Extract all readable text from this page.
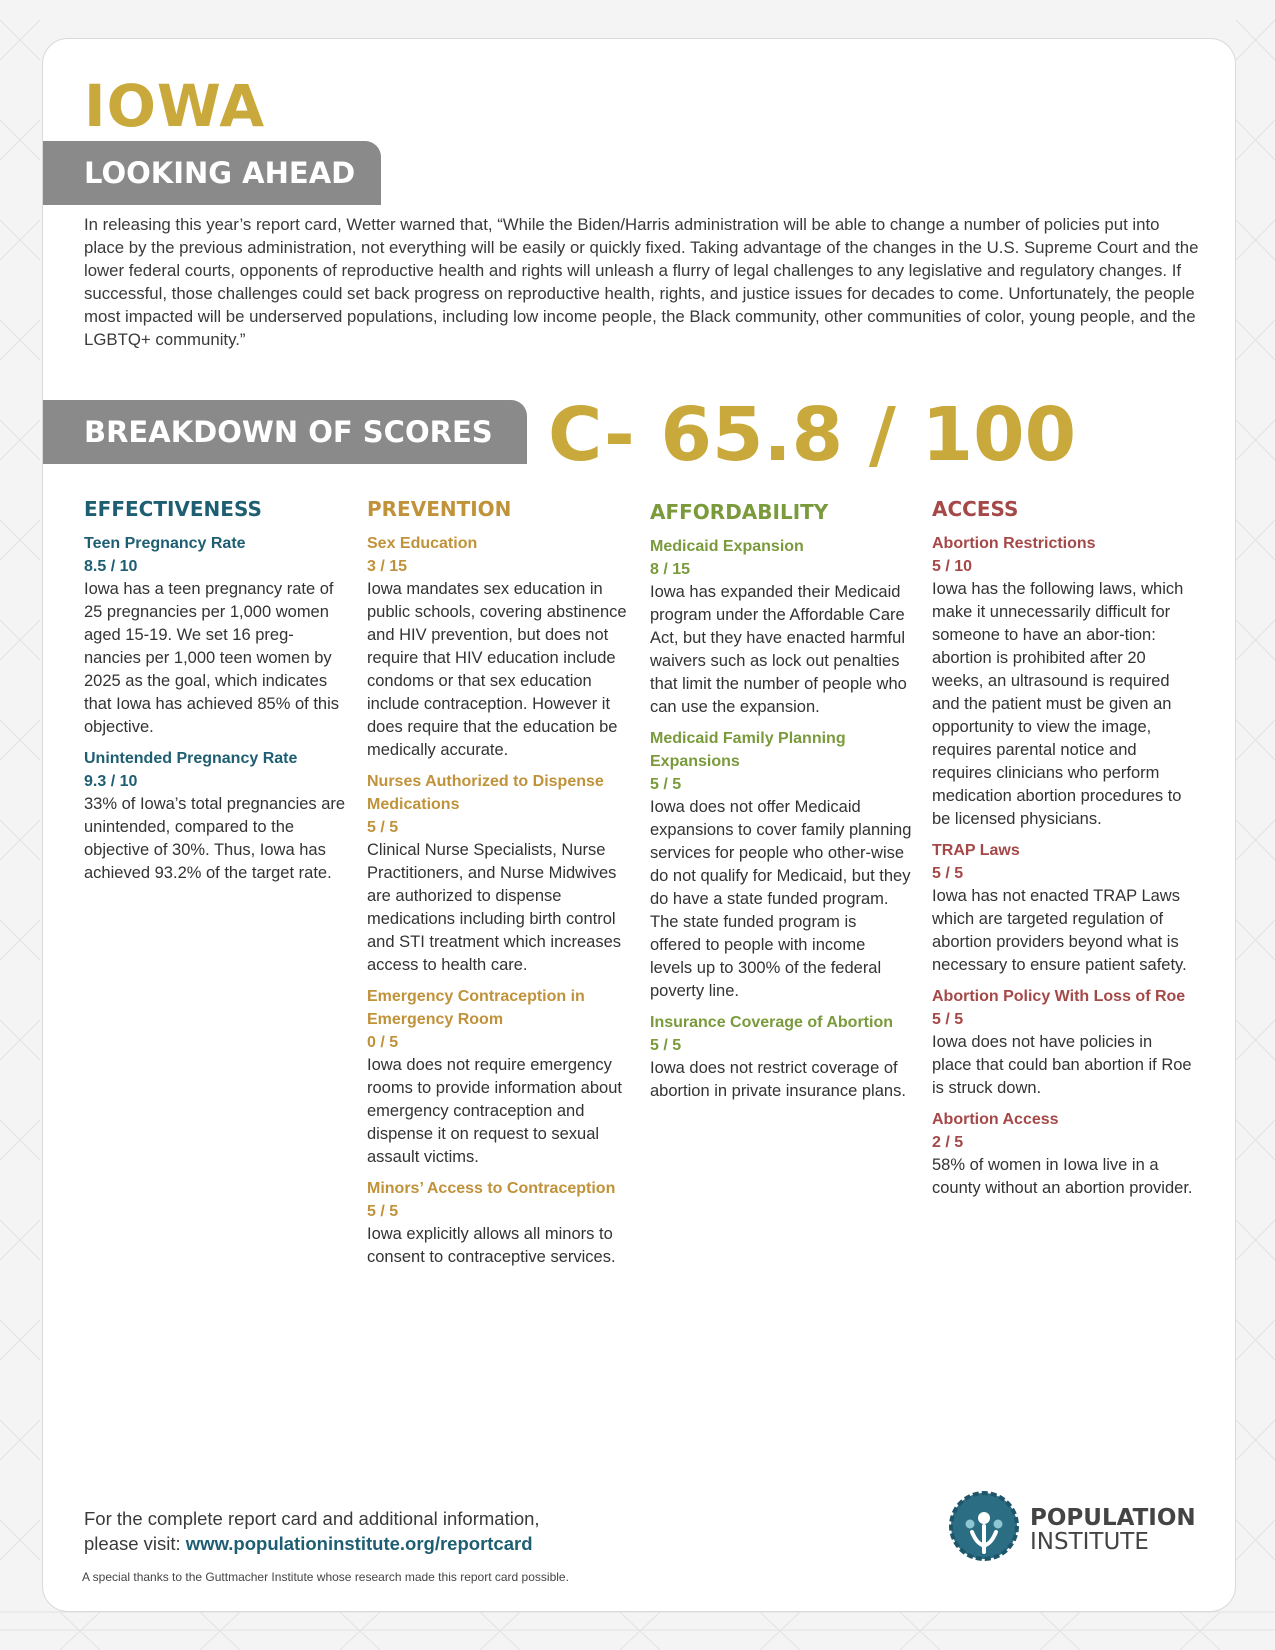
IOWA
LOOKING AHEAD

In releasing this year’s report card, Wetter warned that, “While the Biden/Harris administration will be able to change a number of policies put into place by the previous administration, not everything will be easily or quickly fixed. Taking advantage of the changes in the U.S. Supreme Court and the lower federal courts, opponents of reproductive health and rights will unleash a flurry of legal challenges to any legislative and regulatory changes. If successful, those challenges could set back progress on reproductive health, rights, and justice issues for decades to come. Unfortunately, the people most impacted will be underserved populations, including low income people, the Black community, other communities of color, young people, and the LGBTQ+ community.”

BREAKDOWN OF SCORES C- 65.8 / 100
EFFECTIVENESS
Teen Pregnancy Rate
8.5 / 10

Iowa has a teen pregnancy rate of 25 pregnancies per 1,000 women aged 15-19. We set 16 preg-nancies per 1,000 teen women by 2025 as the goal, which indicates that Iowa has achieved 85% of this objective.

Unintended Pregnancy Rate
9.3 / 10

33% of Iowa’s total pregnancies are unintended, compared to the objective of 30%. Thus, Iowa has achieved 93.2% of the target rate.

PREVENTION
Sex Education
3 / 15

Iowa mandates sex education in public schools, covering abstinence and HIV prevention, but does not require that HIV education include condoms or that sex education include contraception. However it does require that the education be medically accurate.

Nurses Authorized to Dispense Medications
5 / 5

Clinical Nurse Specialists, Nurse Practitioners, and Nurse Midwives are authorized to dispense medications including birth control and STI treatment which increases access to health care.

Emergency Contraception in Emergency Room
0 / 5

Iowa does not require emergency rooms to provide information about emergency contraception and dispense it on request to sexual assault victims.

Minors’ Access to Contraception
5 / 5

Iowa explicitly allows all minors to consent to contraceptive services.

AFFORDABILITY
Medicaid Expansion
8 / 15

Iowa has expanded their Medicaid program under the Affordable Care Act, but they have enacted harmful waivers such as lock out penalties that limit the number of people who can use the expansion.

Medicaid Family Planning Expansions
5 / 5

Iowa does not offer Medicaid expansions to cover family planning services for people who other-wise do not qualify for Medicaid, but they do have a state funded program. The state funded program is offered to people with income levels up to 300% of the federal poverty line.

Insurance Coverage of Abortion
5 / 5

Iowa does not restrict coverage of abortion in private insurance plans.

ACCESS
Abortion Restrictions
5 / 10

Iowa has the following laws, which make it unnecessarily difficult for someone to have an abor-tion: abortion is prohibited after 20 weeks, an ultrasound is required and the patient must be given an opportunity to view the image, requires parental notice and requires clinicians who perform medication abortion procedures to be licensed physicians.

TRAP Laws
5 / 5

Iowa has not enacted TRAP Laws which are targeted regulation of abortion providers beyond what is necessary to ensure patient safety.

Abortion Policy With Loss of Roe
5 / 5

Iowa does not have policies in place that could ban abortion if Roe is struck down.

Abortion Access
2 / 5

58% of women in Iowa live in a county without an abortion provider.

For the complete report card and additional information,
please visit: www.populationinstitute.org/reportcard
A special thanks to the Guttmacher Institute whose research made this report card possible.
POPULATION
INSTITUTE
